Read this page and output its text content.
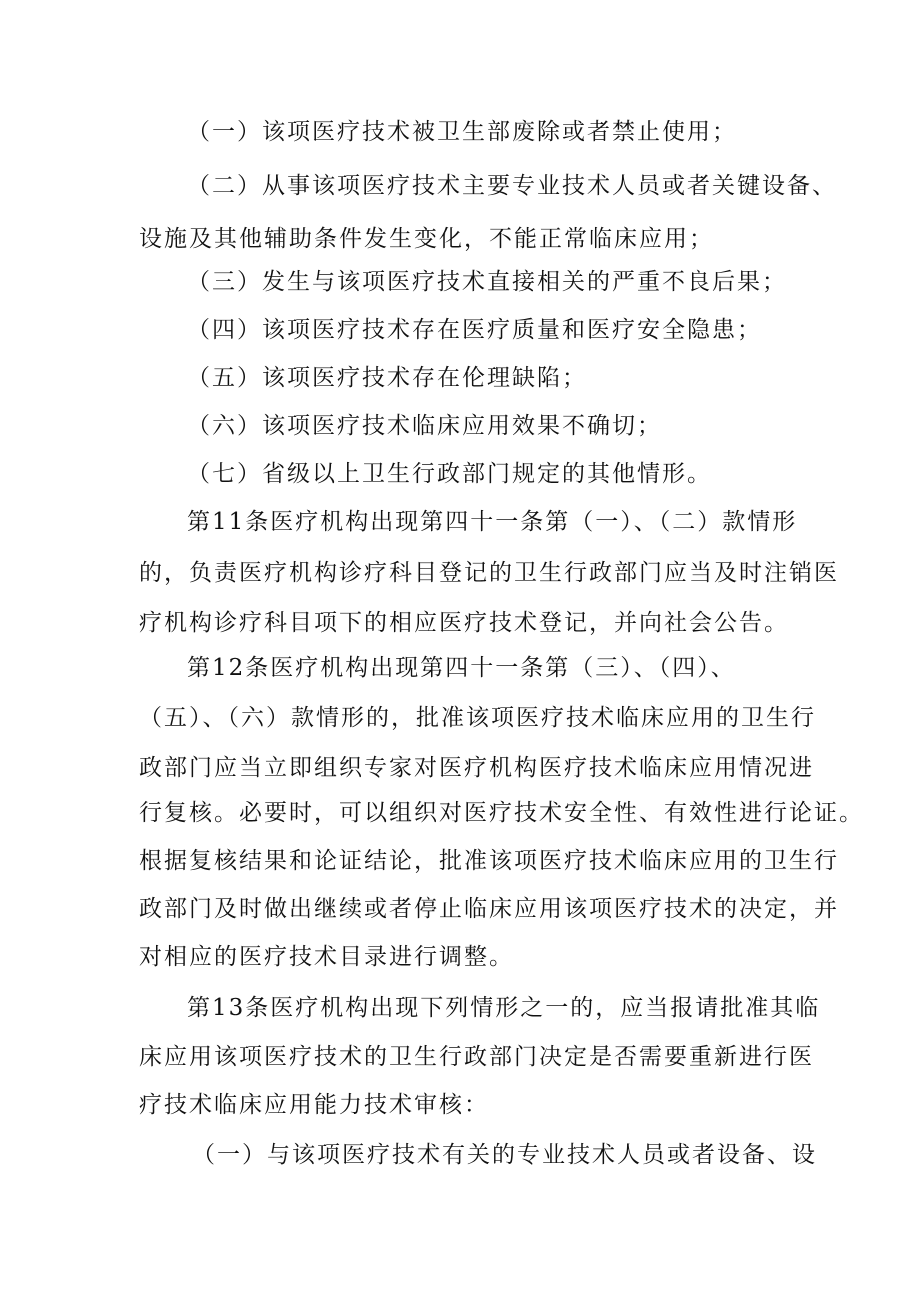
（一）该项医疗技术被卫生部废除或者禁止使用；
（二）从事该项医疗技术主要专业技术人员或者关键设备、
设施及其他辅助条件发生变化，不能正常临床应用；
（三）发生与该项医疗技术直接相关的严重不良后果；
（四）该项医疗技术存在医疗质量和医疗安全隐患；
（五）该项医疗技术存在伦理缺陷；
（六）该项医疗技术临床应用效果不确切；
（七）省级以上卫生行政部门规定的其他情形。
第11条医疗机构出现第四十一条第（一）、（二）款情形
的，负责医疗机构诊疗科目登记的卫生行政部门应当及时注销医
疗机构诊疗科目项下的相应医疗技术登记，并向社会公告。
第12条医疗机构出现第四十一条第（三）、（四）、
（五）、（六）款情形的，批准该项医疗技术临床应用的卫生行
政部门应当立即组织专家对医疗机构医疗技术临床应用情况进
行复核。必要时，可以组织对医疗技术安全性、有效性进行论证。
根据复核结果和论证结论，批准该项医疗技术临床应用的卫生行
政部门及时做出继续或者停止临床应用该项医疗技术的决定，并
对相应的医疗技术目录进行调整。
第13条医疗机构出现下列情形之一的，应当报请批准其临
床应用该项医疗技术的卫生行政部门决定是否需要重新进行医
疗技术临床应用能力技术审核：
（一）与该项医疗技术有关的专业技术人员或者设备、设
